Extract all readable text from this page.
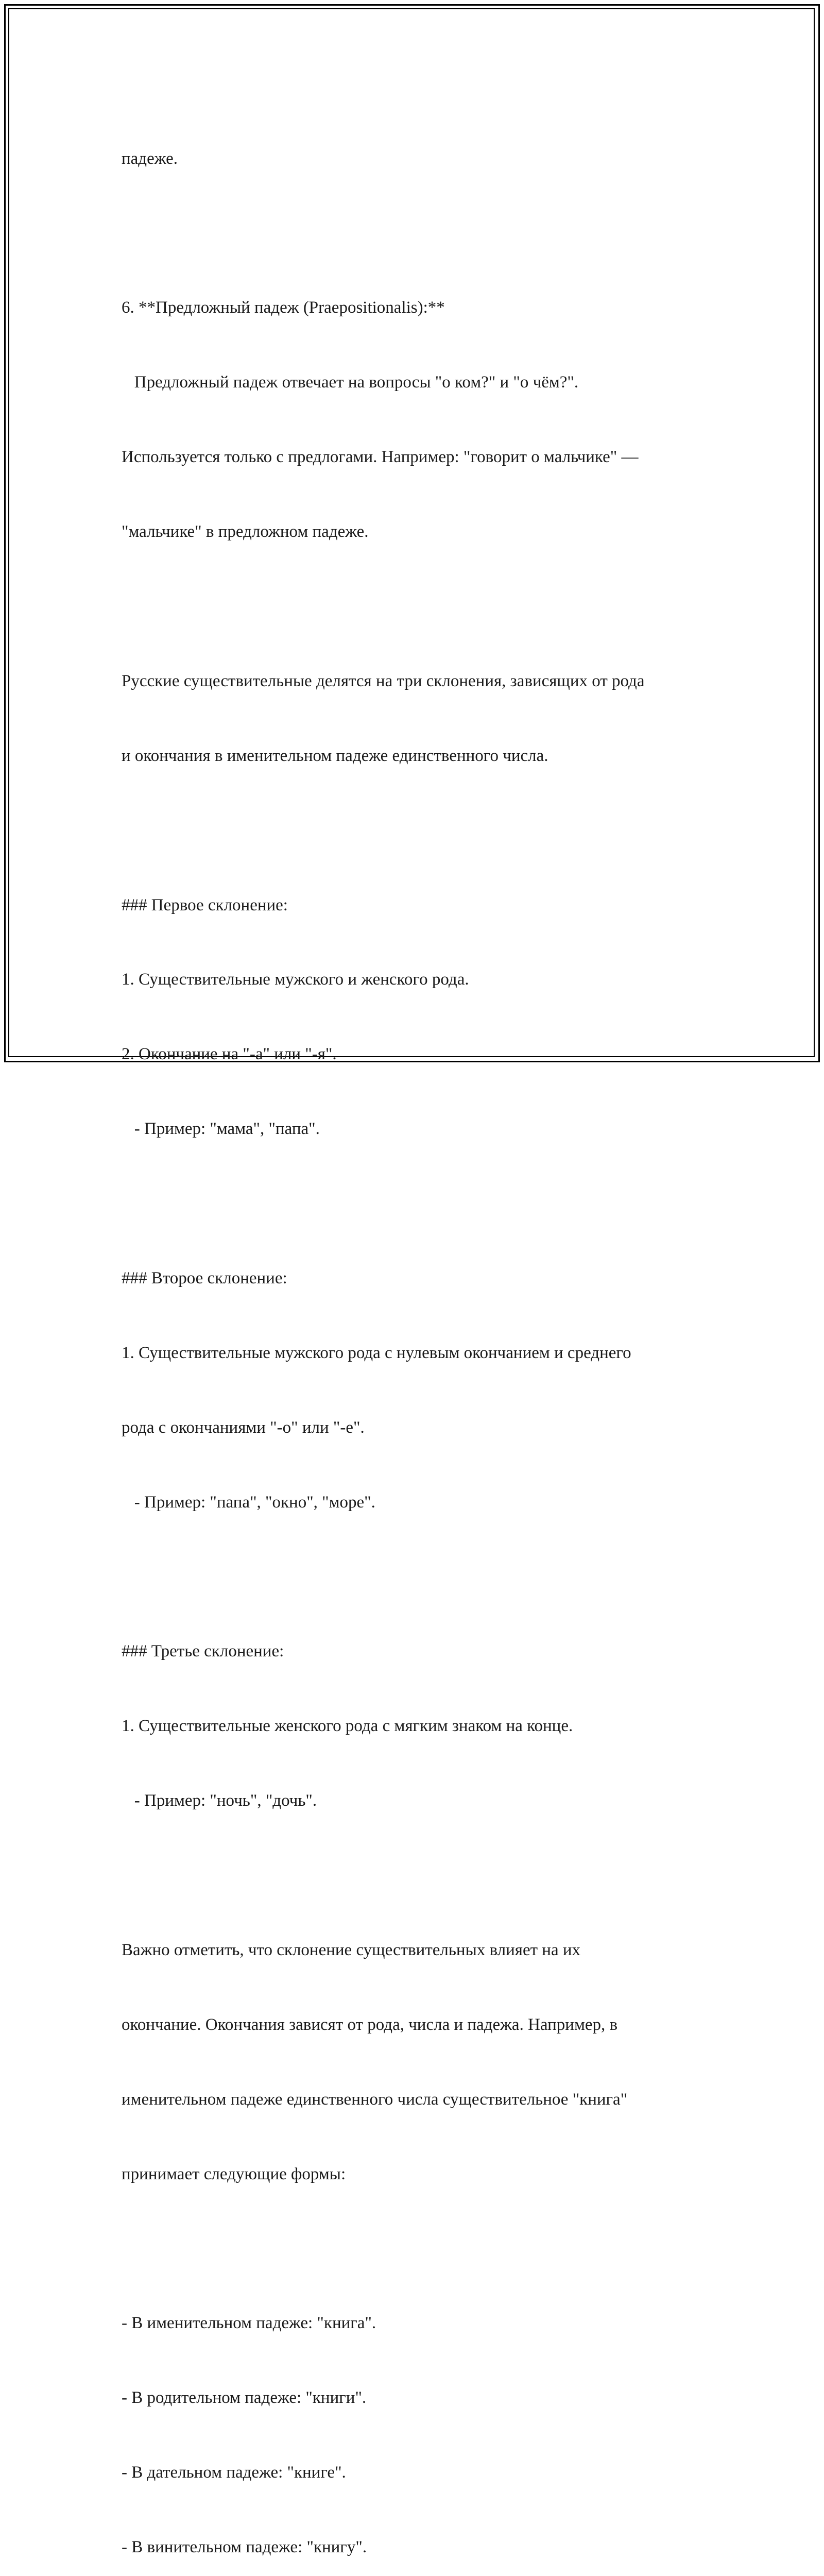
падеже.

6. **Предложный падеж (Praepositionalis):**

Предложный падеж отвечает на вопросы "о ком?" и "о чём?".

Используется только с предлогами. Например: "говорит о мальчике" —

"мальчике" в предложном падеже.

Русские существительные делятся на три склонения, зависящих от рода

и окончания в именительном падеже единственного числа.

### Первое склонение:

1. Существительные мужского и женского рода.

2. Окончание на "-а" или "-я".

- Пример: "мама", "папа".

### Второе склонение:

1. Существительные мужского рода с нулевым окончанием и среднего

рода с окончаниями "-о" или "-е".

- Пример: "папа", "окно", "море".

### Третье склонение:

1. Существительные женского рода с мягким знаком на конце.

- Пример: "ночь", "дочь".

Важно отметить, что склонение существительных влияет на их

окончание. Окончания зависят от рода, числа и падежа. Например, в

именительном падеже единственного числа существительное "книга"

принимает следующие формы:

- В именительном падеже: "книга".

- В родительном падеже: "книги".

- В дательном падеже: "книге".

- В винительном падеже: "книгу".
